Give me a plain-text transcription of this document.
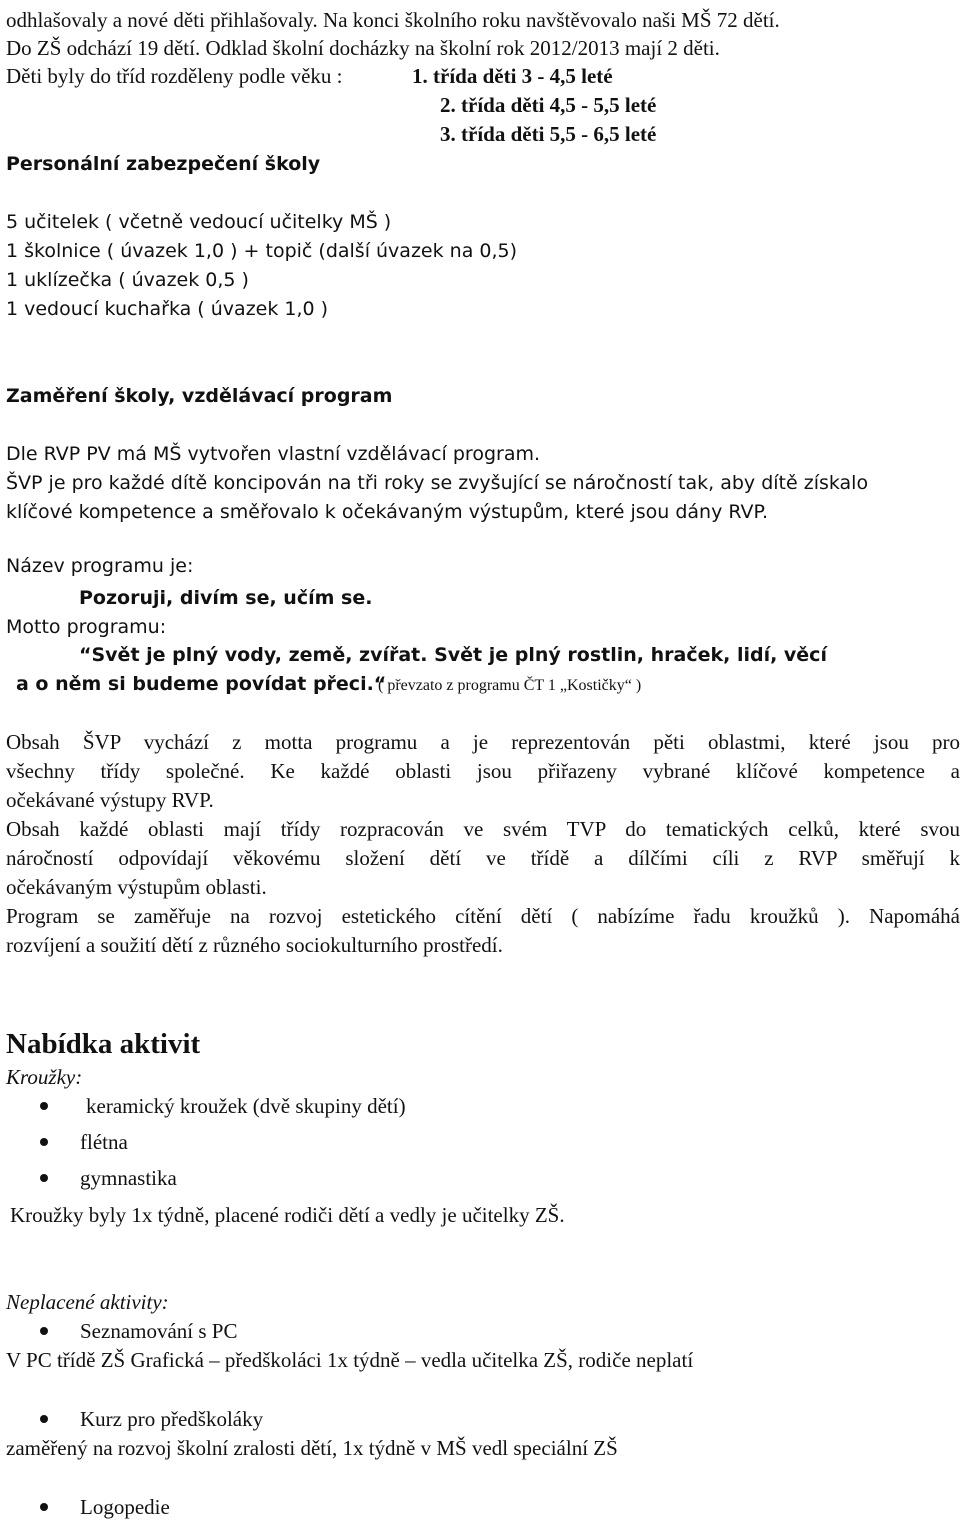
odhlašovaly a nové děti přihlašovaly. Na konci školního roku navštěvovalo naši MŠ 72 dětí.
Do ZŠ odchází 19 dětí. Odklad školní docházky na školní rok 2012/2013 mají 2 děti.
Děti byly do tříd rozděleny podle věku :	1. třída děti 3 - 4,5 leté
2. třída děti 4,5 - 5,5 leté
3. třída děti 5,5 - 6,5 leté
Personální zabezpečení školy
5 učitelek ( včetně vedoucí učitelky MŠ )
1 školnice ( úvazek 1,0 ) + topič (další úvazek na 0,5)
1 uklízečka ( úvazek 0,5 )
1 vedoucí kuchařka ( úvazek 1,0 )
Zaměření školy, vzdělávací program
Dle RVP PV má MŠ vytvořen vlastní vzdělávací program.
ŠVP je pro každé dítě koncipován na tři roky se zvyšující se náročností tak, aby dítě získalo
klíčové kompetence a směřovalo k očekávaným výstupům, které jsou dány RVP.
Název programu je:
Pozoruji, divím se, učím se.
Motto programu:
“Svět je plný vody, země, zvířat. Svět je plný rostlin, hraček, lidí, věcí
a o něm si budeme povídat přeci.“
( převzato z programu ČT 1 „Kostičky“ )
Obsah ŠVP vychází z motta programu a je reprezentován pěti oblastmi, které jsou pro
všechny třídy společné. Ke každé oblasti jsou přiřazeny vybrané klíčové kompetence a
očekávané výstupy RVP.
Obsah každé oblasti mají třídy rozpracován ve svém TVP do tematických celků, které svou
náročností odpovídají věkovému složení dětí ve třídě a dílčími cíli z RVP směřují k
očekávaným výstupům oblasti.
Program se zaměřuje na rozvoj estetického cítění dětí ( nabízíme řadu kroužků ). Napomáhá
rozvíjení a soužití dětí z různého sociokulturního prostředí.
Nabídka aktivit
Kroužky:
keramický kroužek (dvě skupiny dětí)
flétna
gymnastika
Kroužky byly 1x týdně, placené rodiči dětí a vedly je učitelky ZŠ.
Neplacené aktivity:
Seznamování s PC
V PC třídě ZŠ Grafická – předškoláci 1x týdně – vedla učitelka ZŠ, rodiče neplatí
Kurz pro předškoláky
zaměřený na rozvoj školní zralosti dětí, 1x týdně v MŠ vedl speciální ZŠ
Logopedie
